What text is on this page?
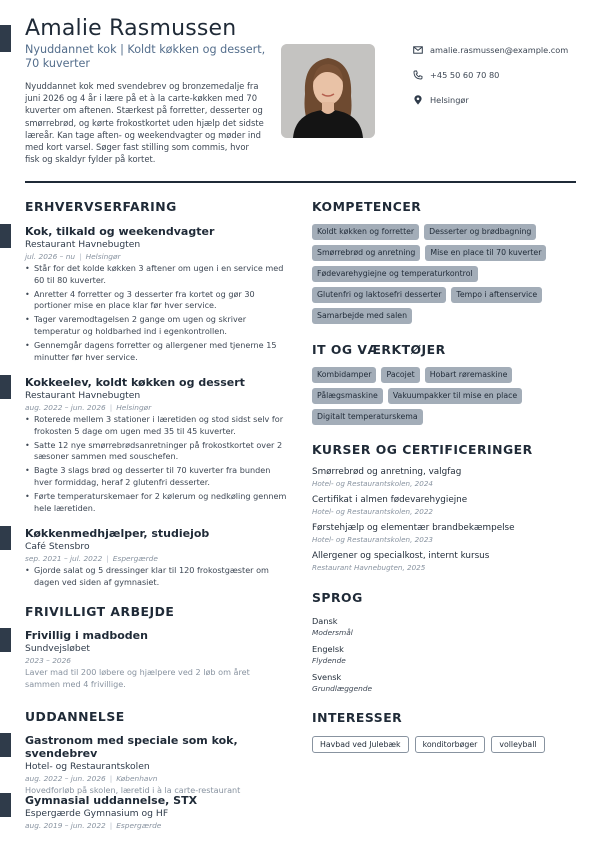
Amalie Rasmussen
Nyuddannet kok | Koldt køkken og dessert, 70 kuverter
Nyuddannet kok med svendebrev og bronzemedalje fra juni 2026 og 4 år i lære på et à la carte-køkken med 70 kuverter om aftenen. Stærkest på forretter, desserter og smørrebrød, og kørte frokostkortet uden hjælp det sidste læreår. Kan tage aften- og weekendvagter og møder ind med kort varsel. Søger fast stilling som commis, hvor fisk og skaldyr fylder på kortet.
amalie.rasmussen@example.com
+45 50 60 70 80
Helsingør
ERHVERVSERFARING
Kok, tilkald og weekendvagter
Restaurant Havnebugten
jul. 2026 – nu | Helsingør
• Står for det kolde køkken 3 aftener om ugen i en service med 60 til 80 kuverter.
• Anretter 4 forretter og 3 desserter fra kortet og gør 30 portioner mise en place klar før hver service.
• Tager varemodtagelsen 2 gange om ugen og skriver temperatur og holdbarhed ind i egenkontrollen.
• Gennemgår dagens forretter og allergener med tjenerne 15 minutter før hver service.
Kokkeelev, koldt køkken og dessert
Restaurant Havnebugten
aug. 2022 – jun. 2026 | Helsingør
• Roterede mellem 3 stationer i læretiden og stod sidst selv for frokosten 5 dage om ugen med 35 til 45 kuverter.
• Satte 12 nye smørrebrødsanretninger på frokostkortet over 2 sæsoner sammen med souschefen.
• Bagte 3 slags brød og desserter til 70 kuverter fra bunden hver formiddag, heraf 2 glutenfri desserter.
• Førte temperaturskemaer for 2 kølerum og nedkøling gennem hele læretiden.
Køkkenmedhjælper, studiejob
Café Stensbro
sep. 2021 – jul. 2022 | Espergærde
• Gjorde salat og 5 dressinger klar til 120 frokostgæster om dagen ved siden af gymnasiet.
FRIVILLIGT ARBEJDE
Frivillig i madboden
Sundvejsløbet
2023 – 2026
Laver mad til 200 løbere og hjælpere ved 2 løb om året sammen med 4 frivillige.
UDDANNELSE
Gastronom med speciale som kok, svendebrev
Hotel- og Restaurantskolen
aug. 2022 – jun. 2026 | København
Hovedforløb på skolen, læretid i à la carte-restaurant
Gymnasial uddannelse, STX
Espergærde Gymnasium og HF
aug. 2019 – jun. 2022 | Espergærde
KOMPETENCER
Koldt køkken og forretter	Desserter og brødbagning
Smørrebrød og anretning	Mise en place til 70 kuverter
Fødevarehygiejne og temperaturkontrol
Glutenfri og laktosefri desserter	Tempo i aftenservice
Samarbejde med salen
IT OG VÆRKTØJER
Kombidamper	Pacojet	Hobart røremaskine
Pålægsmaskine	Vakuumpakker til mise en place
Digitalt temperaturskema
KURSER OG CERTIFICERINGER
Smørrebrød og anretning, valgfag
Hotel- og Restaurantskolen, 2024
Certifikat i almen fødevarehygiejne
Hotel- og Restaurantskolen, 2022
Førstehjælp og elementær brandbekæmpelse
Hotel- og Restaurantskolen, 2023
Allergener og specialkost, internt kursus
Restaurant Havnebugten, 2025
SPROG
Dansk
Modersmål
Engelsk
Flydende
Svensk
Grundlæggende
INTERESSER
Havbad ved Julebæk	konditorbøger	volleyball
